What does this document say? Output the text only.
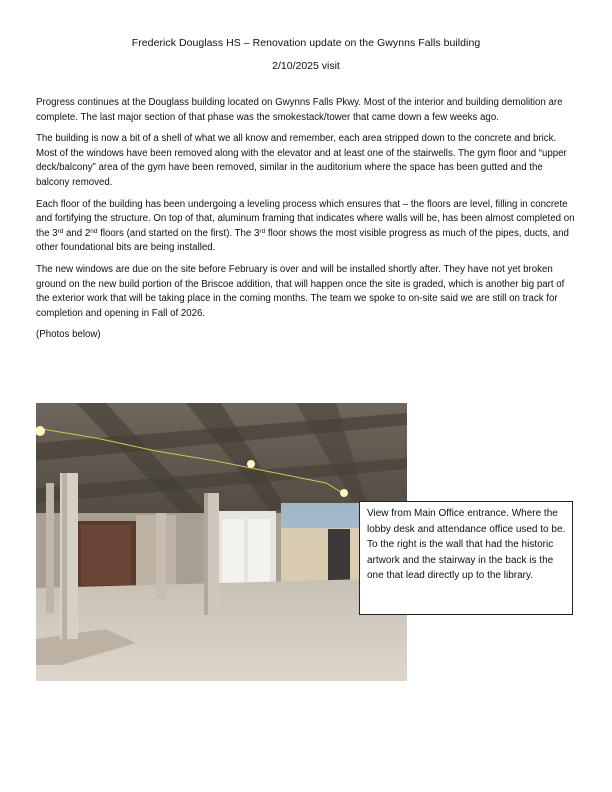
Frederick Douglass HS – Renovation update on the Gwynns Falls building
2/10/2025 visit

Progress continues at the Douglass building located on Gwynns Falls Pkwy. Most of the interior and building demolition are complete. The last major section of that phase was the smokestack/tower that came down a few weeks ago.

The building is now a bit of a shell of what we all know and remember, each area stripped down to the concrete and brick. Most of the windows have been removed along with the elevator and at least one of the stairwells. The gym floor and “upper deck/balcony” area of the gym have been removed, similar in the auditorium where the space has been gutted and the balcony removed.

Each floor of the building has been undergoing a leveling process which ensures that – the floors are level, filling in concrete and fortifying the structure. On top of that, aluminum framing that indicates where walls will be, has been almost completed on the 3rd and 2nd floors (and started on the first). The 3rd floor shows the most visible progress as much of the pipes, ducts, and other foundational bits are being installed.

The new windows are due on the site before February is over and will be installed shortly after. They have not yet broken ground on the new build portion of the Briscoe addition, that will happen once the site is graded, which is another big part of the exterior work that will be taking place in the coming months. The team we spoke to on-site said we are still on track for completion and opening in Fall of 2026.

(Photos below)

View from Main Office entrance. Where the lobby desk and attendance office used to be. To the right is the wall that had the historic artwork and the stairway in the back is the one that lead directly up to the library.
